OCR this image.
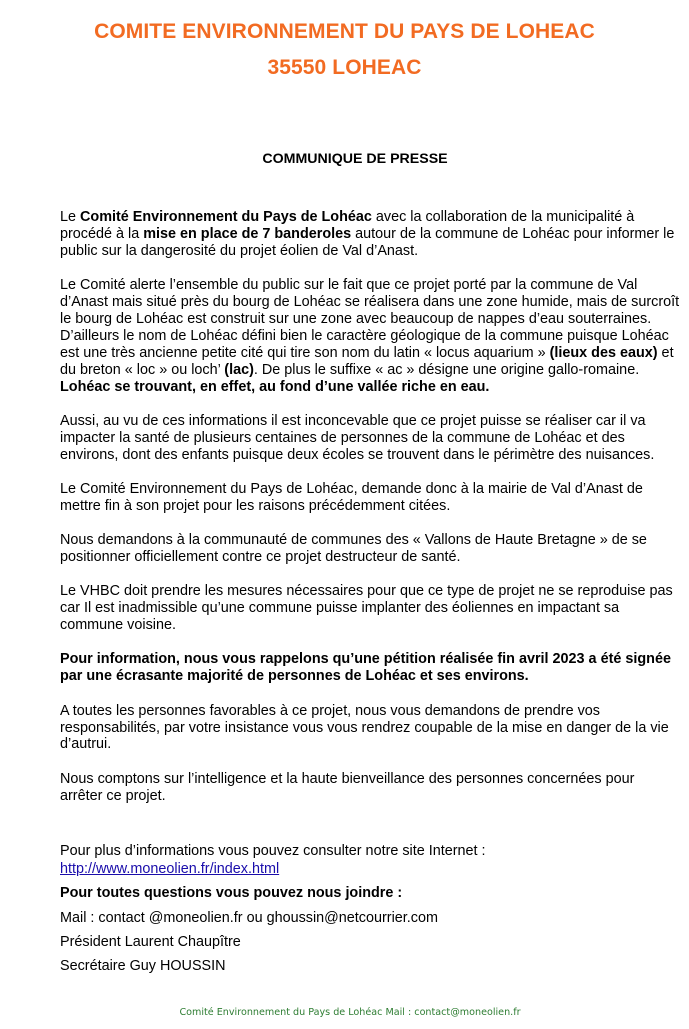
COMITE ENVIRONNEMENT DU PAYS DE LOHEAC
35550 LOHEAC
COMMUNIQUE DE PRESSE

Le Comité Environnement du Pays de Lohéac avec la collaboration de la municipalité à procédé à la mise en place de 7 banderoles autour de la commune de Lohéac pour informer le public sur la dangerosité du projet éolien de Val d’Anast.

Le Comité alerte l’ensemble du public sur le fait que ce projet porté par la commune de Val d’Anast mais situé près du bourg de Lohéac se réalisera dans une zone humide, mais de surcroît le bourg de Lohéac est construit sur une zone avec beaucoup de nappes d’eau souterraines. D’ailleurs le nom de Lohéac défini bien le caractère géologique de la commune puisque Lohéac est une très ancienne petite cité qui tire son nom du latin « locus aquarium » (lieux des eaux) et du breton « loc » ou loch’ (lac). De plus le suffixe « ac » désigne une origine gallo-romaine. Lohéac se trouvant, en effet, au fond d’une vallée riche en eau.

Aussi, au vu de ces informations il est inconcevable que ce projet puisse se réaliser car il va impacter la santé de plusieurs centaines de personnes de la commune de Lohéac et des environs, dont des enfants puisque deux écoles se trouvent dans le périmètre des nuisances.

Le Comité Environnement du Pays de Lohéac, demande donc à la mairie de Val d’Anast de mettre fin à son projet pour les raisons précédemment citées.

Nous demandons à la communauté de communes des « Vallons de Haute Bretagne » de se positionner officiellement contre ce projet destructeur de santé.

Le VHBC doit prendre les mesures nécessaires pour que ce type de projet ne se reproduise pas car Il est inadmissible qu’une commune puisse implanter des éoliennes en impactant sa commune voisine.

Pour information, nous vous rappelons qu’une pétition réalisée fin avril 2023 a été signée par une écrasante majorité de personnes de Lohéac et ses environs.

A toutes les personnes favorables à ce projet, nous vous demandons de prendre vos responsabilités, par votre insistance vous vous rendrez coupable de la mise en danger de la vie d’autrui.

Nous comptons sur l’intelligence et la haute bienveillance des personnes concernées pour arrêter ce projet.

Pour plus d’informations vous pouvez consulter notre site Internet :
http://www.moneolien.fr/index.html
Pour toutes questions vous pouvez nous joindre :
Mail : contact @moneolien.fr ou ghoussin@netcourrier.com
Président Laurent Chaupître
Secrétaire Guy HOUSSIN
Comité Environnement du Pays de Lohéac Mail : contact@moneolien.fr
